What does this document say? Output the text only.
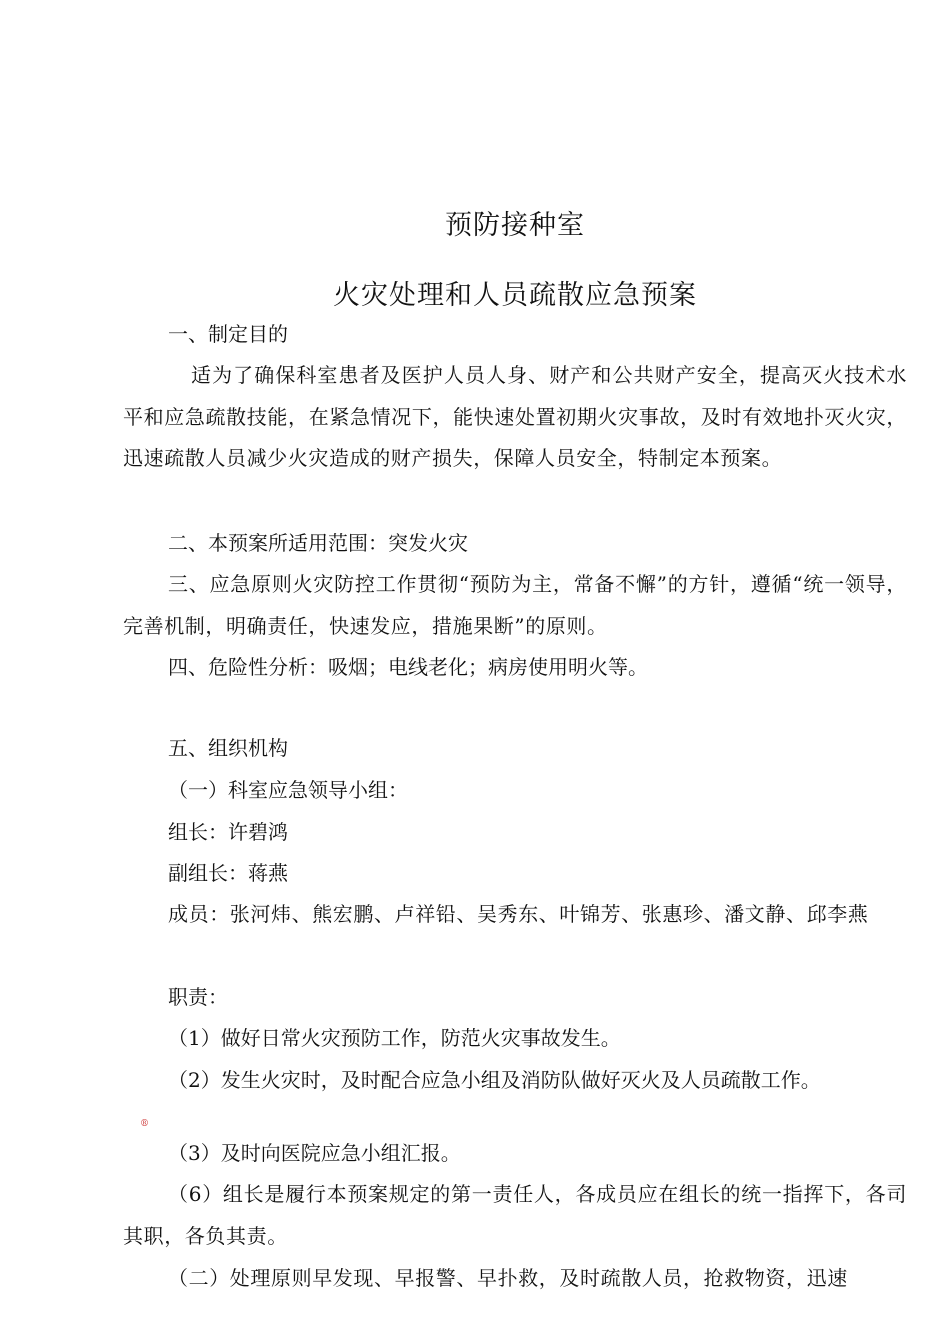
预防接种室
火灾处理和人员疏散应急预案
一、制定目的
适为了确保科室患者及医护人员人身、财产和公共财产安全，提高灭火技术水平和应急疏散技能，在紧急情况下，能快速处置初期火灾事故，及时有效地扑灭火灾，迅速疏散人员减少火灾造成的财产损失，保障人员安全，特制定本预案。
二、本预案所适用范围：突发火灾
三、应急原则火灾防控工作贯彻“预防为主，常备不懈”的方针，遵循“统一领导，完善机制，明确责任，快速发应，措施果断”的原则。
四、危险性分析：吸烟；电线老化；病房使用明火等。
五、组织机构
（一）科室应急领导小组：
组长：许碧鸿
副组长：蒋燕
成员：张河炜、熊宏鹏、卢祥铅、吴秀东、叶锦芳、张惠珍、潘文静、邱李燕
职责：
（1）做好日常火灾预防工作，防范火灾事故发生。
（2）发生火灾时，及时配合应急小组及消防队做好灭火及人员疏散工作。
®
（3）及时向医院应急小组汇报。
（6）组长是履行本预案规定的第一责任人，各成员应在组长的统一指挥下，各司其职，各负其责。
（二）处理原则早发现、早报警、早扑救，及时疏散人员，抢救物资，迅速
